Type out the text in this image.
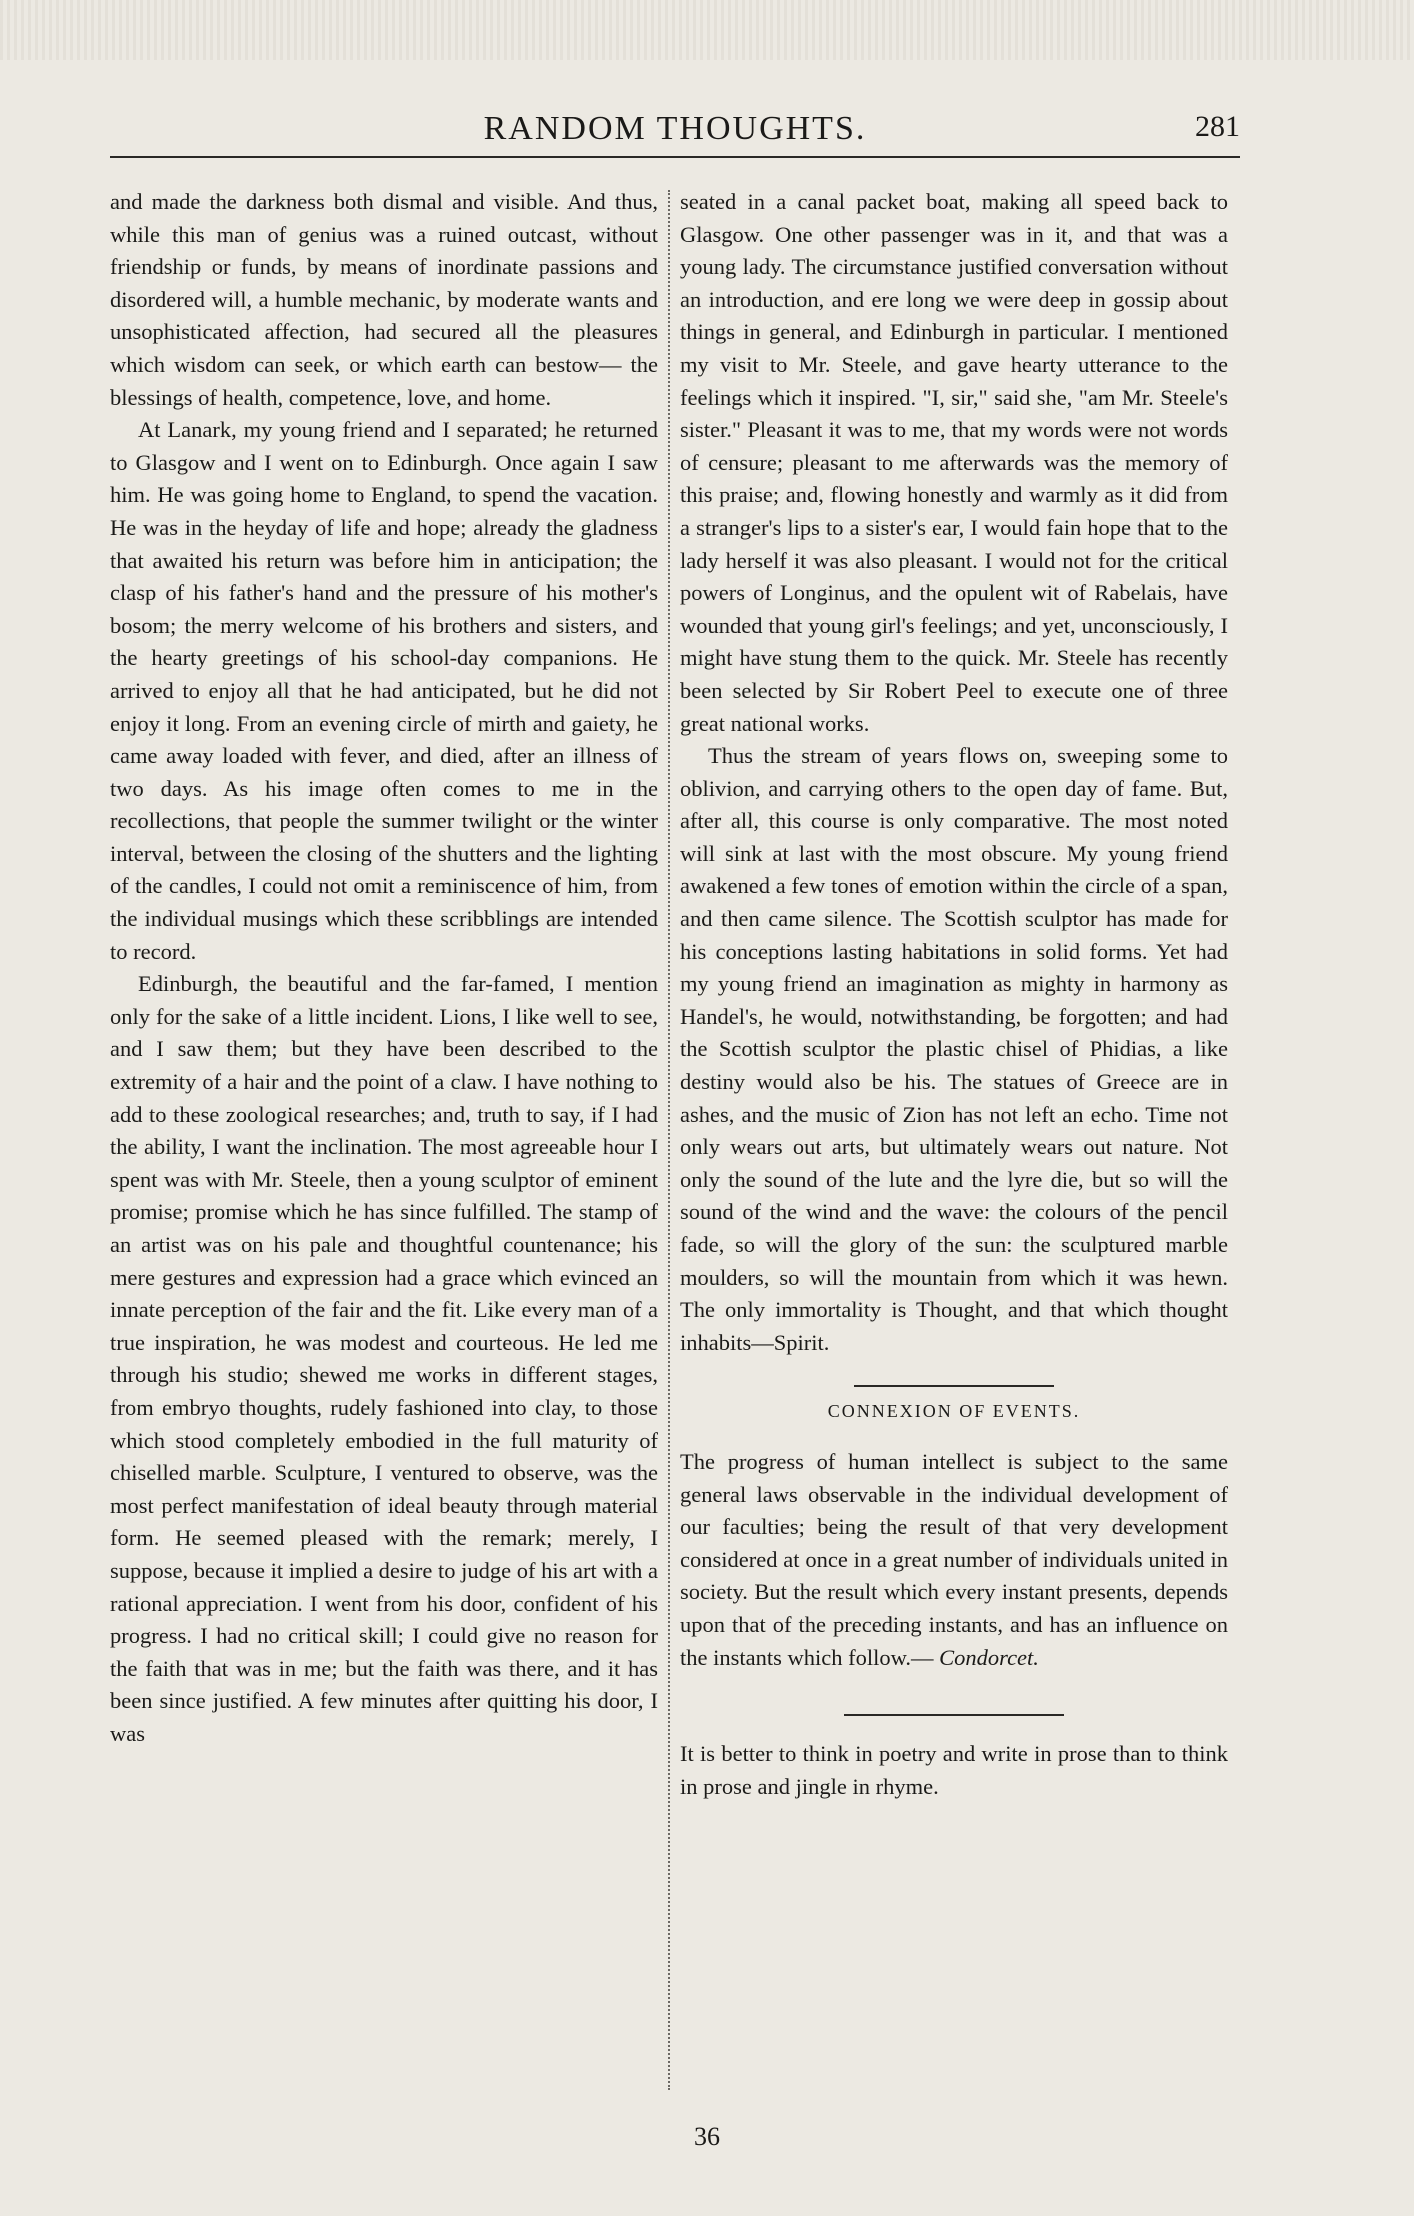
RANDOM THOUGHTS.	281

and made the darkness both dismal and visible. And thus, while this man of genius was a ruined outcast, without friendship or funds, by means of inordinate passions and disordered will, a humble mechanic, by moderate wants and unsophisticated affection, had secured all the pleasures which wisdom can seek, or which earth can bestow— the blessings of health, competence, love, and home.

At Lanark, my young friend and I separated; he returned to Glasgow and I went on to Edinburgh. Once again I saw him. He was going home to England, to spend the vacation. He was in the heyday of life and hope; already the gladness that awaited his return was before him in anticipation; the clasp of his father's hand and the pressure of his mother's bosom; the merry welcome of his brothers and sisters, and the hearty greetings of his school-day companions. He arrived to enjoy all that he had anticipated, but he did not enjoy it long. From an evening circle of mirth and gaiety, he came away loaded with fever, and died, after an illness of two days. As his image often comes to me in the recollections, that people the summer twilight or the winter interval, between the closing of the shutters and the lighting of the candles, I could not omit a reminiscence of him, from the individual musings which these scribblings are intended to record.

Edinburgh, the beautiful and the far-famed, I mention only for the sake of a little incident. Lions, I like well to see, and I saw them; but they have been described to the extremity of a hair and the point of a claw. I have nothing to add to these zoological researches; and, truth to say, if I had the ability, I want the inclination. The most agreeable hour I spent was with Mr. Steele, then a young sculptor of eminent promise; promise which he has since fulfilled. The stamp of an artist was on his pale and thoughtful countenance; his mere gestures and expression had a grace which evinced an innate perception of the fair and the fit. Like every man of a true inspiration, he was modest and courteous. He led me through his studio; shewed me works in different stages, from embryo thoughts, rudely fashioned into clay, to those which stood completely embodied in the full maturity of chiselled marble. Sculpture, I ventured to observe, was the most perfect manifestation of ideal beauty through material form. He seemed pleased with the remark; merely, I suppose, because it implied a desire to judge of his art with a rational appreciation. I went from his door, confident of his progress. I had no critical skill; I could give no reason for the faith that was in me; but the faith was there, and it has been since justified. A few minutes after quitting his door, I was

seated in a canal packet boat, making all speed back to Glasgow. One other passenger was in it, and that was a young lady. The circumstance justified conversation without an introduction, and ere long we were deep in gossip about things in general, and Edinburgh in particular. I mentioned my visit to Mr. Steele, and gave hearty utterance to the feelings which it inspired. "I, sir," said she, "am Mr. Steele's sister." Pleasant it was to me, that my words were not words of censure; pleasant to me afterwards was the memory of this praise; and, flowing honestly and warmly as it did from a stranger's lips to a sister's ear, I would fain hope that to the lady herself it was also pleasant. I would not for the critical powers of Longinus, and the opulent wit of Rabelais, have wounded that young girl's feelings; and yet, unconsciously, I might have stung them to the quick. Mr. Steele has recently been selected by Sir Robert Peel to execute one of three great national works.

Thus the stream of years flows on, sweeping some to oblivion, and carrying others to the open day of fame. But, after all, this course is only comparative. The most noted will sink at last with the most obscure. My young friend awakened a few tones of emotion within the circle of a span, and then came silence. The Scottish sculptor has made for his conceptions lasting habitations in solid forms. Yet had my young friend an imagination as mighty in harmony as Handel's, he would, notwithstanding, be forgotten; and had the Scottish sculptor the plastic chisel of Phidias, a like destiny would also be his. The statues of Greece are in ashes, and the music of Zion has not left an echo. Time not only wears out arts, but ultimately wears out nature. Not only the sound of the lute and the lyre die, but so will the sound of the wind and the wave: the colours of the pencil fade, so will the glory of the sun: the sculptured marble moulders, so will the mountain from which it was hewn. The only immortality is Thought, and that which thought inhabits—Spirit.

CONNEXION OF EVENTS.

The progress of human intellect is subject to the same general laws observable in the individual development of our faculties; being the result of that very development considered at once in a great number of individuals united in society. But the result which every instant presents, depends upon that of the preceding instants, and has an influence on the instants which follow.— Condorcet.

It is better to think in poetry and write in prose than to think in prose and jingle in rhyme.

36
